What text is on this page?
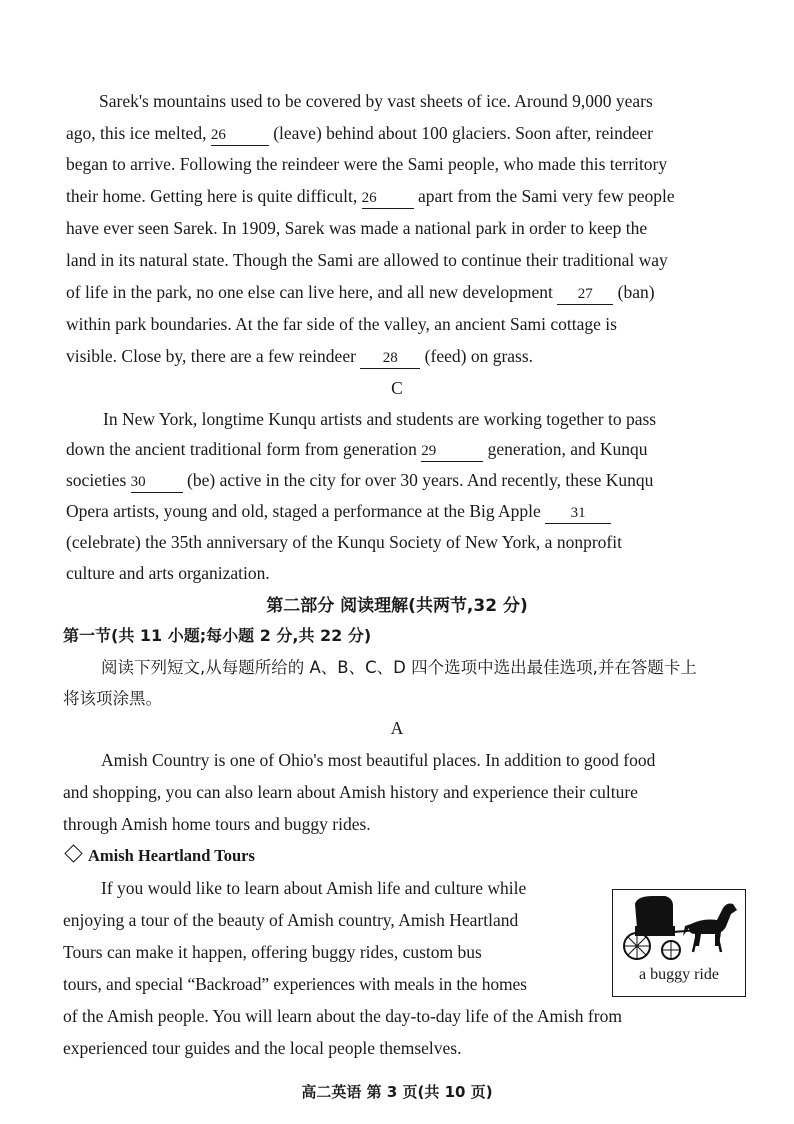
Sarek's mountains used to be covered by vast sheets of ice. Around 9,000 years

ago, this ice melted, 26 (leave) behind about 100 glaciers. Soon after, reindeer

began to arrive. Following the reindeer were the Sami people, who made this territory

their home. Getting here is quite difficult, 26 apart from the Sami very few people

have ever seen Sarek. In 1909, Sarek was made a national park in order to keep the

land in its natural state. Though the Sami are allowed to continue their traditional way

of life in the park, no one else can live here, and all new development 27 (ban)

within park boundaries. At the far side of the valley, an ancient Sami cottage is

visible. Close by, there are a few reindeer 28 (feed) on grass.

C

In New York, longtime Kunqu artists and students are working together to pass

down the ancient traditional form from generation 29	generation, and Kunqu

societies 30 (be) active in the city for over 30 years. And recently, these Kunqu

Opera artists, young and old, staged a performance at the Big Apple 31

(celebrate) the 35th anniversary of the Kunqu Society of New York, a nonprofit

culture and arts organization.

第二部分 阅读理解(共两节,32 分)
第一节(共 11 小题;每小题 2 分,共 22 分)
阅读下列短文,从每题所给的 A、B、C、D 四个选项中选出最佳选项,并在答题卡上
将该项涂黑。
A

Amish Country is one of Ohio's most beautiful places. In addition to good food

and shopping, you can also learn about Amish history and experience their culture

through Amish home tours and buggy rides.

Amish Heartland Tours

If you would like to learn about Amish life and culture while

enjoying a tour of the beauty of Amish country, Amish Heartland

Tours can make it happen, offering buggy rides, custom bus

tours, and special “Backroad” experiences with meals in the homes

of the Amish people. You will learn about the day-to-day life of the Amish from

experienced tour guides and the local people themselves.

a buggy ride
高二英语 第 3 页(共 10 页)
